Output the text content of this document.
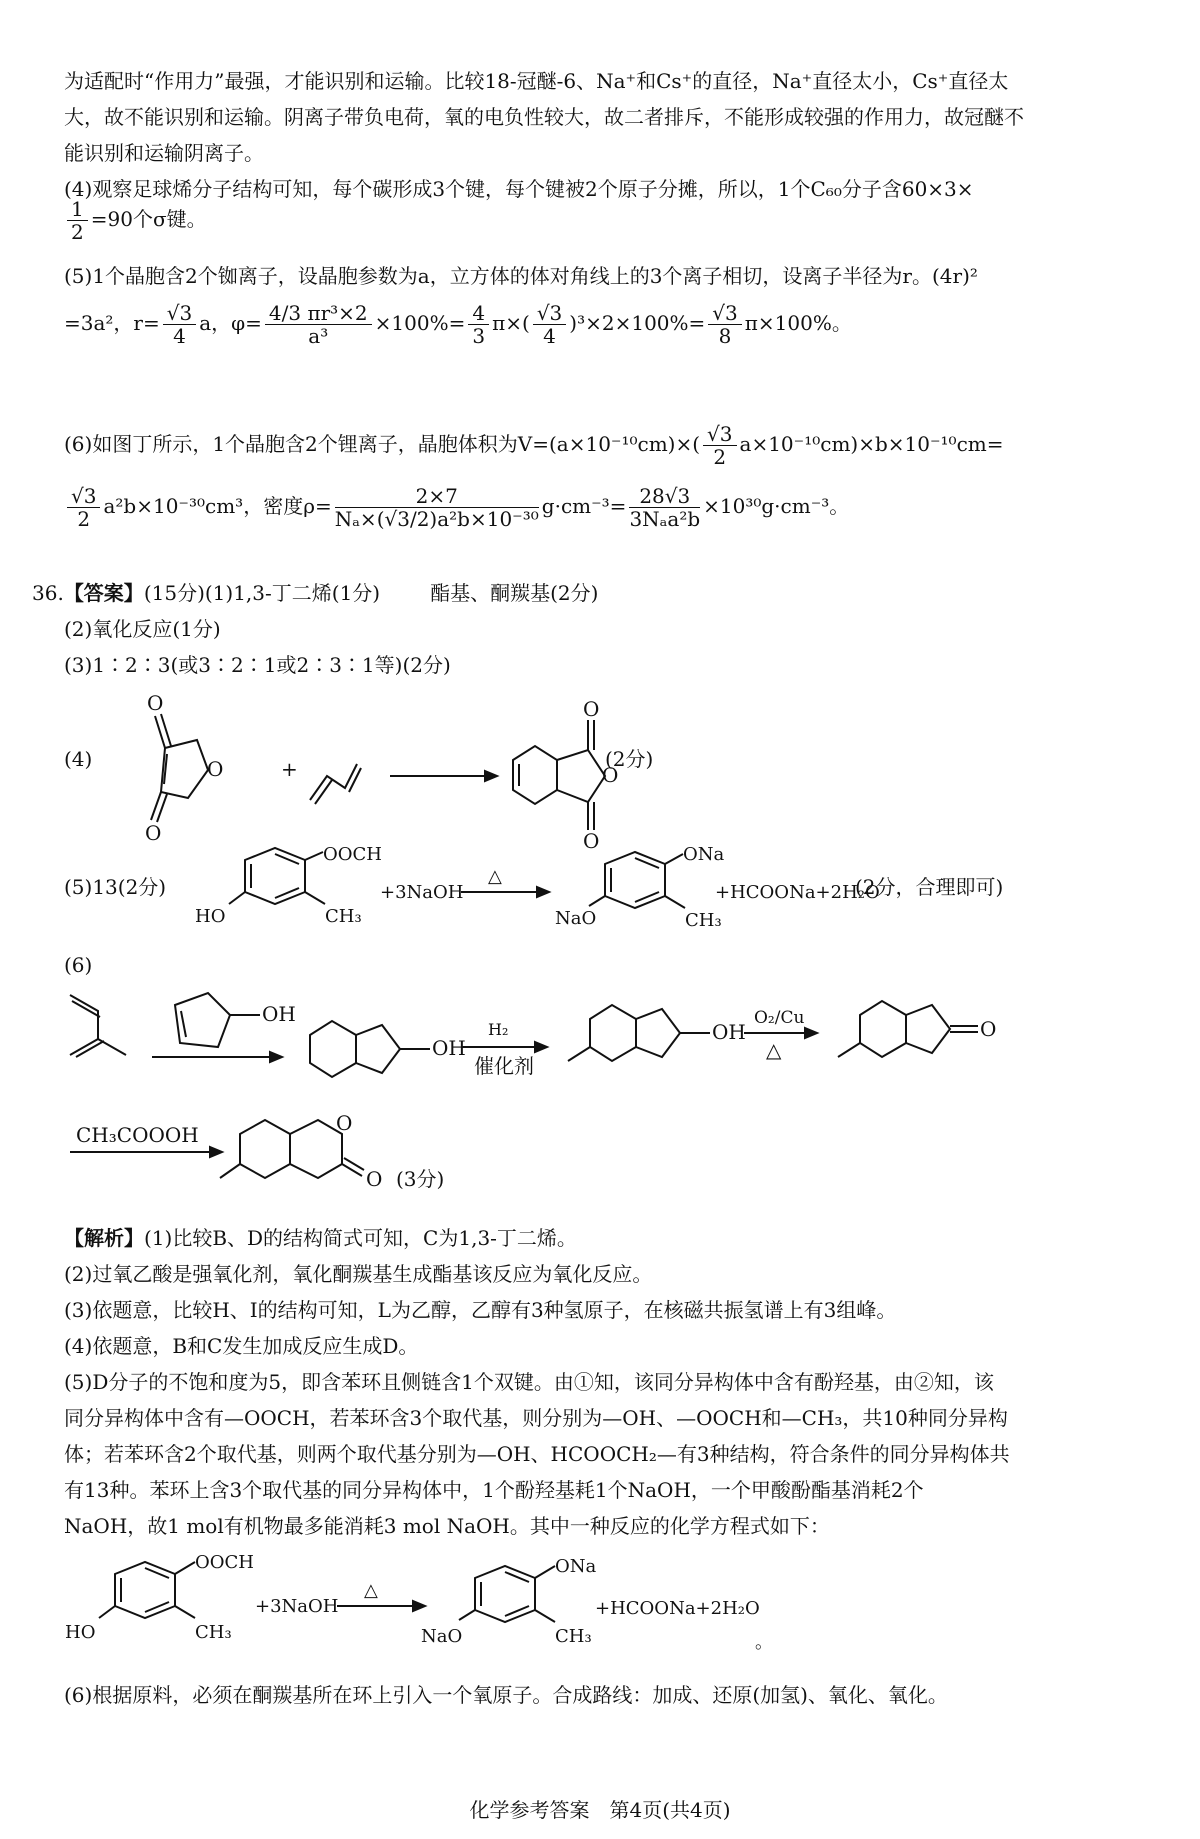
为适配时“作用力”最强，才能识别和运输。比较18-冠醚-6、Na⁺和Cs⁺的直径，Na⁺直径太小，Cs⁺直径太
大，故不能识别和运输。阴离子带负电荷，氧的电负性较大，故二者排斥，不能形成较强的作用力，故冠醚不
能识别和运输阴离子。
(4)观察足球烯分子结构可知，每个碳形成3个键，每个键被2个原子分摊，所以，1个C₆₀分子含60×3×
$\frac{1}{2} =90$个σ键。
(5)1个晶胞含2个铷离子，设晶胞参数为a，立方体的体对角线上的3个离子相切，设离子半径为r。(4r)²
=3a²，$r= \frac{√3}{4}$ a，$\varphi= \frac{\text{4/3 πr³×2}}{\text{a³}} \times 100\%= \frac{4}{3} \pi\times( \frac{√3}{4} )^3\times 2\times 100\%= \frac{√3}{8} \pi\times 100\%$。
(6)如图丁所示，1个晶胞含2个锂离子，晶胞体积为$V=(a\times 10^{-10}cm)\times( \frac{√3}{2} a\times 10^{-10}cm)\times b\times 10^{-10}cm=$
$\frac{√3}{2} a^2b\times 10^{-30}cm^3$，密度$\rho= \frac{2\times 7}{\text{Nₐ×(√3/2)a²b×10⁻³⁰}} g\cdot cm^{-3}= \frac{28√3}{\text{3Nₐa²b}} \times 10^{30}g\cdot cm^{-3}$。
36.【答案】(15分)(1)1,3-丁二烯(1分)	酯基、酮羰基(2分)
(2)氧化反应(1分)
(3)1∶2∶3(或3∶2∶1或2∶3∶1等)(2分)
(4)
O
O
O
+
O
O
O
(2分)
(5)13(2分)
OOCH
CH₃
HO
+3NaOH
△
ONa
CH₃
NaO
+HCOONa+2H₂O
(2分，合理即可)
(6)
OH
OH
H₂
催化剂
OH
O₂/Cu
△
O
CH₃COOOH	O
O (3分)
【解析】(1)比较B、D的结构简式可知，C为1,3-丁二烯。
(2)过氧乙酸是强氧化剂，氧化酮羰基生成酯基该反应为氧化反应。
(3)依题意，比较H、I的结构可知，L为乙醇，乙醇有3种氢原子，在核磁共振氢谱上有3组峰。
(4)依题意，B和C发生加成反应生成D。
(5)D分子的不饱和度为5，即含苯环且侧链含1个双键。由①知，该同分异构体中含有酚羟基，由②知，该
同分异构体中含有—OOCH，若苯环含3个取代基，则分别为—OH、—OOCH和—CH₃，共10种同分异构
体；若苯环含2个取代基，则两个取代基分别为—OH、HCOOCH₂—有3种结构，符合条件的同分异构体共
有13种。苯环上含3个取代基的同分异构体中，1个酚羟基耗1个NaOH，一个甲酸酚酯基消耗2个
NaOH，故1 mol有机物最多能消耗3 mol NaOH。其中一种反应的化学方程式如下：
OOCH
CH₃
HO
+3NaOH
△
ONa
CH₃
NaO
+HCOONa+2H₂O
。
(6)根据原料，必须在酮羰基所在环上引入一个氧原子。合成路线：加成、还原(加氢)、氧化、氧化。
化学参考答案　第4页(共4页)
